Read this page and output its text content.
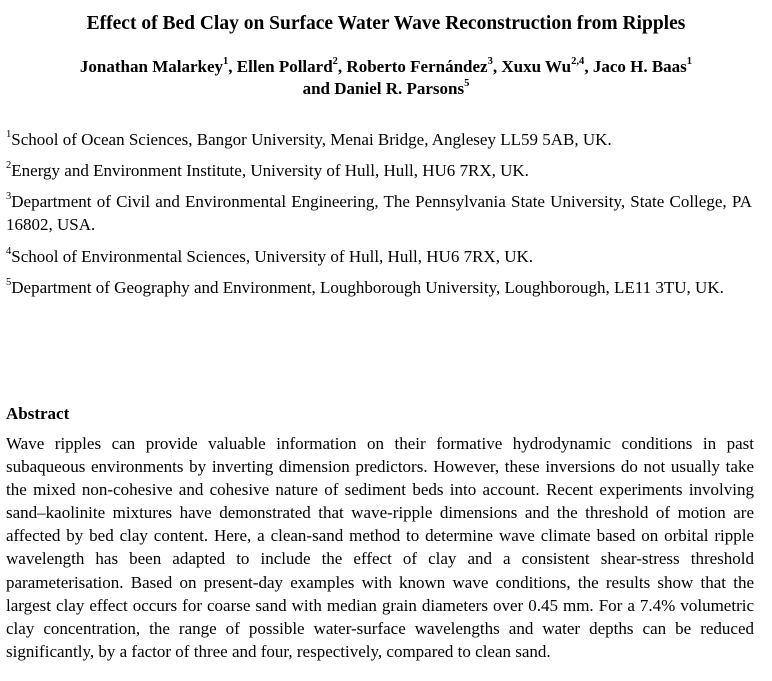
Effect of Bed Clay on Surface Water Wave Reconstruction from Ripples
Jonathan Malarkey$^1$, Ellen Pollard$^2$, Roberto Fernández$^3$, Xuxu Wu$^{2,4}$, Jaco H. Baas$^1$
and Daniel R. Parsons$^5$
$^1$School of Ocean Sciences, Bangor University, Menai Bridge, Anglesey LL59 5AB, UK.
$^2$Energy and Environment Institute, University of Hull, Hull, HU6 7RX, UK.
$^3$Department of Civil and Environmental Engineering, The Pennsylvania State University, State College, PA 16802, USA.
$^4$School of Environmental Sciences, University of Hull, Hull, HU6 7RX, UK.
$^5$Department of Geography and Environment, Loughborough University, Loughborough, LE11 3TU, UK.
Abstract
Wave ripples can provide valuable information on their formative hydrodynamic conditions in past subaqueous environments by inverting dimension predictors. However, these inversions do not usually take the mixed non-cohesive and cohesive nature of sediment beds into account. Recent experiments involving sand–kaolinite mixtures have demonstrated that wave-ripple dimensions and the threshold of motion are affected by bed clay content. Here, a clean-sand method to determine wave climate based on orbital ripple wavelength has been adapted to include the effect of clay and a consistent shear-stress threshold parameterisation. Based on present-day examples with known wave conditions, the results show that the largest clay effect occurs for coarse sand with median grain diameters over 0.45 mm. For a 7.4% volumetric clay concentration, the range of possible water-surface wavelengths and water depths can be reduced significantly, by a factor of three and four, respectively, compared to clean sand.
